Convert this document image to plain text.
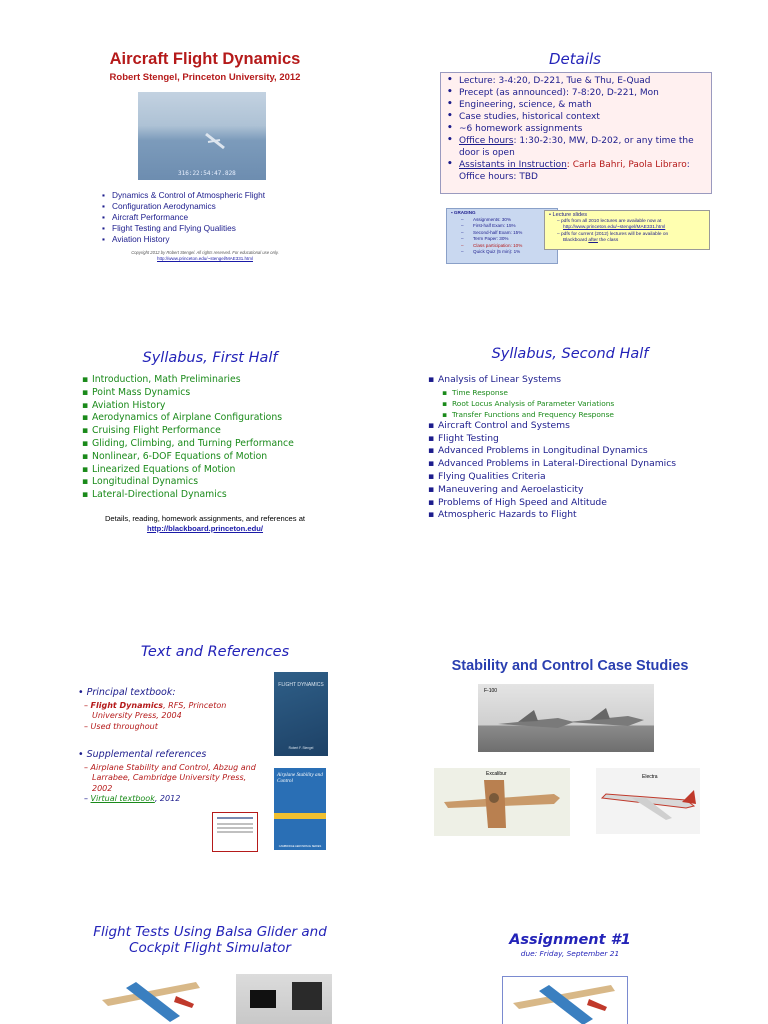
Aircraft Flight Dynamics
Robert Stengel, Princeton University, 2012
316:22:54:47.828
▪ Dynamics & Control of Atmospheric Flight
▪ Configuration Aerodynamics
▪ Aircraft Performance
▪ Flight Testing and Flying Qualities
▪ Aviation History
Copyright 2012 by Robert Stengel. All rights reserved. For educational use only.
http://www.princeton.edu/~stengel/MAE331.html
Details
• Lecture: 3-4:20, D-221, Tue & Thu, E-Quad
• Precept (as announced): 7-8:20, D-221, Mon
• Engineering, science, & math
• Case studies, historical context
• ~6 homework assignments
• Office hours: 1:30-2:30, MW, D-202, or any time the door is open
• Assistants in Instruction: Carla Bahri, Paola Libraro: Office hours: TBD
▪ GRADING
– Assignments: 30%
– First-half Exam: 15%
– Second-half Exam: 15%
– Term Paper: 30%
– Class participation: 10%
– Quick Quiz (5 min): 1%
• Lecture slides
– pdfs from all 2010 lectures are available now at
http://www.princeton.edu/~stengel/MAE331.html
– pdfs for current (2012) lectures will be available on
Blackboard after the class
Syllabus, First Half
▪ Introduction, Math Preliminaries
▪ Point Mass Dynamics
▪ Aviation History
▪ Aerodynamics of Airplane Configurations
▪ Cruising Flight Performance
▪ Gliding, Climbing, and Turning Performance
▪ Nonlinear, 6-DOF Equations of Motion
▪ Linearized Equations of Motion
▪ Longitudinal Dynamics
▪ Lateral-Directional Dynamics
Details, reading, homework assignments, and references at
http://blackboard.princeton.edu/
Syllabus, Second Half
▪ Analysis of Linear Systems
▪ Time Response
▪ Root Locus Analysis of Parameter Variations
▪ Transfer Functions and Frequency Response
▪ Aircraft Control and Systems
▪ Flight Testing
▪ Advanced Problems in Longitudinal Dynamics
▪ Advanced Problems in Lateral-Directional Dynamics
▪ Flying Qualities Criteria
▪ Maneuvering and Aeroelasticity
▪ Problems of High Speed and Altitude
▪ Atmospheric Hazards to Flight
Text and References
• Principal textbook:
– Flight Dynamics, RFS, Princeton University Press, 2004
– Used throughout
• Supplemental references
– Airplane Stability and Control, Abzug and Larrabee, Cambridge University Press, 2002
– Virtual textbook, 2012
FLIGHT DYNAMICS
Robert F. Stengel
Airplane Stability and Control
CAMBRIDGE AEROSPACE SERIES
Stability and Control Case Studies
F-100
Excalibur	Electra
Flight Tests Using Balsa Glider and
Cockpit Flight Simulator	Assignment #1
due: Friday, September 21
